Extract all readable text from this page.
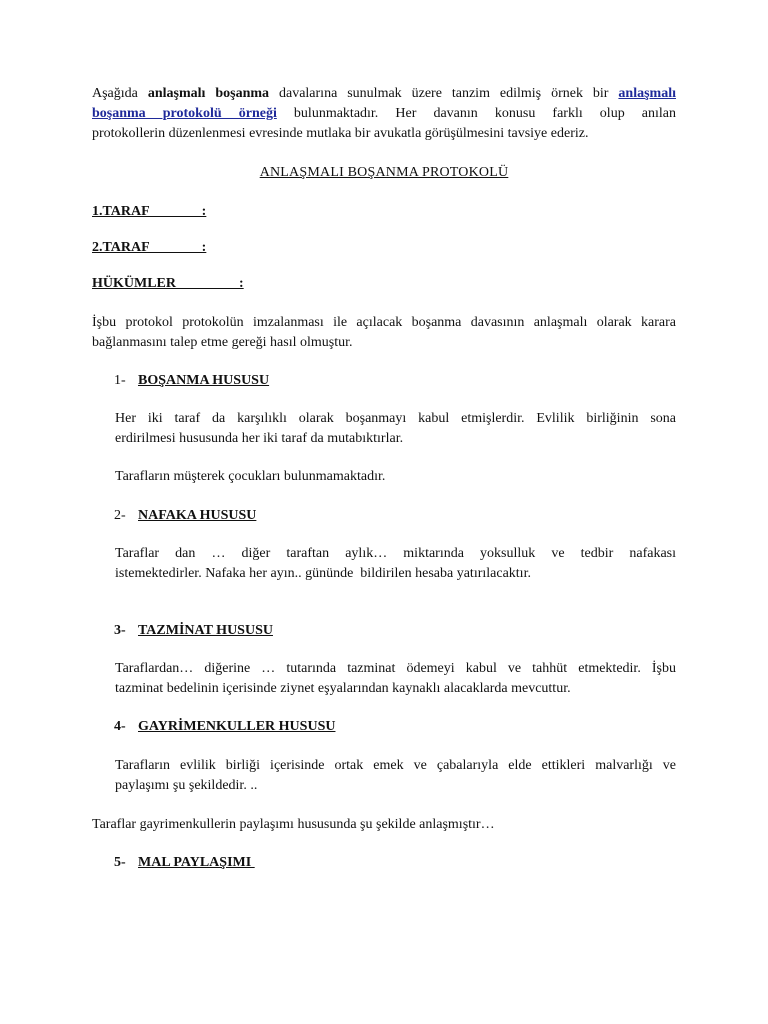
Aşağıda anlaşmalı boşanma davalarına sunulmak üzere tanzim edilmiş örnek bir anlaşmalı
boşanma protokolü örneği bulunmaktadır. Her davanın konusu farklı olup anılan
protokollerin düzenlenmesi evresinde mutlaka bir avukatla görüşülmesini tavsiye ederiz.
ANLAŞMALI BOŞANMA PROTOKOLÜ
1.TARAF               :
2.TARAF               :
HÜKÜMLER                  :
İşbu protokol protokolün imzalanması ile açılacak boşanma davasının anlaşmalı olarak karara
bağlanmasını talep etme gereği hasıl olmuştur.
1- BOŞANMA HUSUSU
Her iki taraf da karşılıklı olarak boşanmayı kabul etmişlerdir. Evlilik birliğinin sona
erdirilmesi hususunda her iki taraf da mutabıktırlar.
Tarafların müşterek çocukları bulunmamaktadır.
2- NAFAKA HUSUSU
Taraflar dan … diğer taraftan aylık… miktarında yoksulluk ve tedbir nafakası
istemektedirler. Nafaka her ayın.. gününde  bildirilen hesaba yatırılacaktır.
3- TAZMİNAT HUSUSU
Taraflardan… diğerine … tutarında tazminat ödemeyi kabul ve tahhüt etmektedir. İşbu
tazminat bedelinin içerisinde ziynet eşyalarından kaynaklı alacaklarda mevcuttur.
4- GAYRİMENKULLER HUSUSU
Tarafların evlilik birliği içerisinde ortak emek ve çabalarıyla elde ettikleri malvarlığı ve
paylaşımı şu şekildedir. ..
Taraflar gayrimenkullerin paylaşımı hususunda şu şekilde anlaşmıştır…
5- MAL PAYLAŞIMI
